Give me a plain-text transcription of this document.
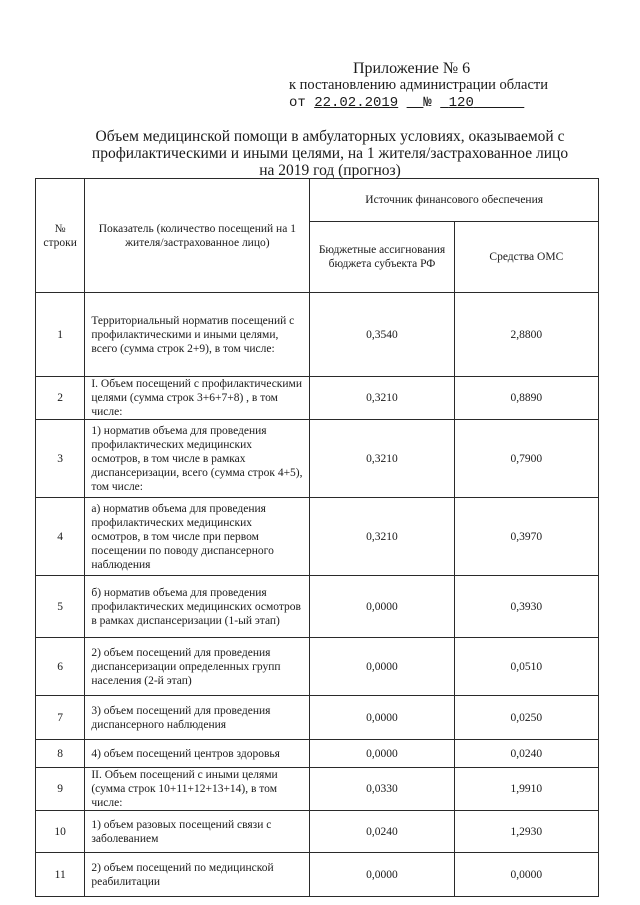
Приложение № 6
к постановлению администрации области
от 22.02.2019 № 120
Объем медицинской помощи в амбулаторных условиях, оказываемой с
профилактическими и иными целями, на 1 жителя/застрахованное лицо
на 2019 год (прогноз)
№ строки	Показатель (количество посещений на 1 жителя/застрахованное лицо)	Источник финансового обеспечения	
		Бюджетные ассигнования бюджета субъекта РФ	Средства ОМС
1	Территориальный норматив посещений с профилактическими и иными целями, всего (сумма строк 2+9), в том числе:	0,3540	2,8800
2	I. Объем посещений с профилактическими целями (сумма строк 3+6+7+8) , в том числе:	0,3210	0,8890
3	1) норматив объема для проведения профилактических медицинских осмотров, в том числе в рамках диспансеризации, всего (сумма строк 4+5), том числе:	0,3210	0,7900
4	а) норматив объема для проведения профилактических медицинских осмотров, в том числе при первом посещении по поводу диспансерного наблюдения	0,3210	0,3970
5	б) норматив объема для проведения профилактических медицинских осмотров в рамках диспансеризации (1-ый этап)	0,0000	0,3930
6	2) объем посещений для проведения диспансеризации определенных групп населения (2-й этап)	0,0000	0,0510
7	3) объем посещений для проведения диспансерного наблюдения	0,0000	0,0250
8	4) объем посещений центров здоровья	0,0000	0,0240
9	II. Объем посещений с иными целями (сумма строк 10+11+12+13+14), в том числе:	0,0330	1,9910
10	1) объем разовых посещений связи с заболеванием	0,0240	1,2930
11	2) объем посещений по медицинской реабилитации	0,0000	0,0000
